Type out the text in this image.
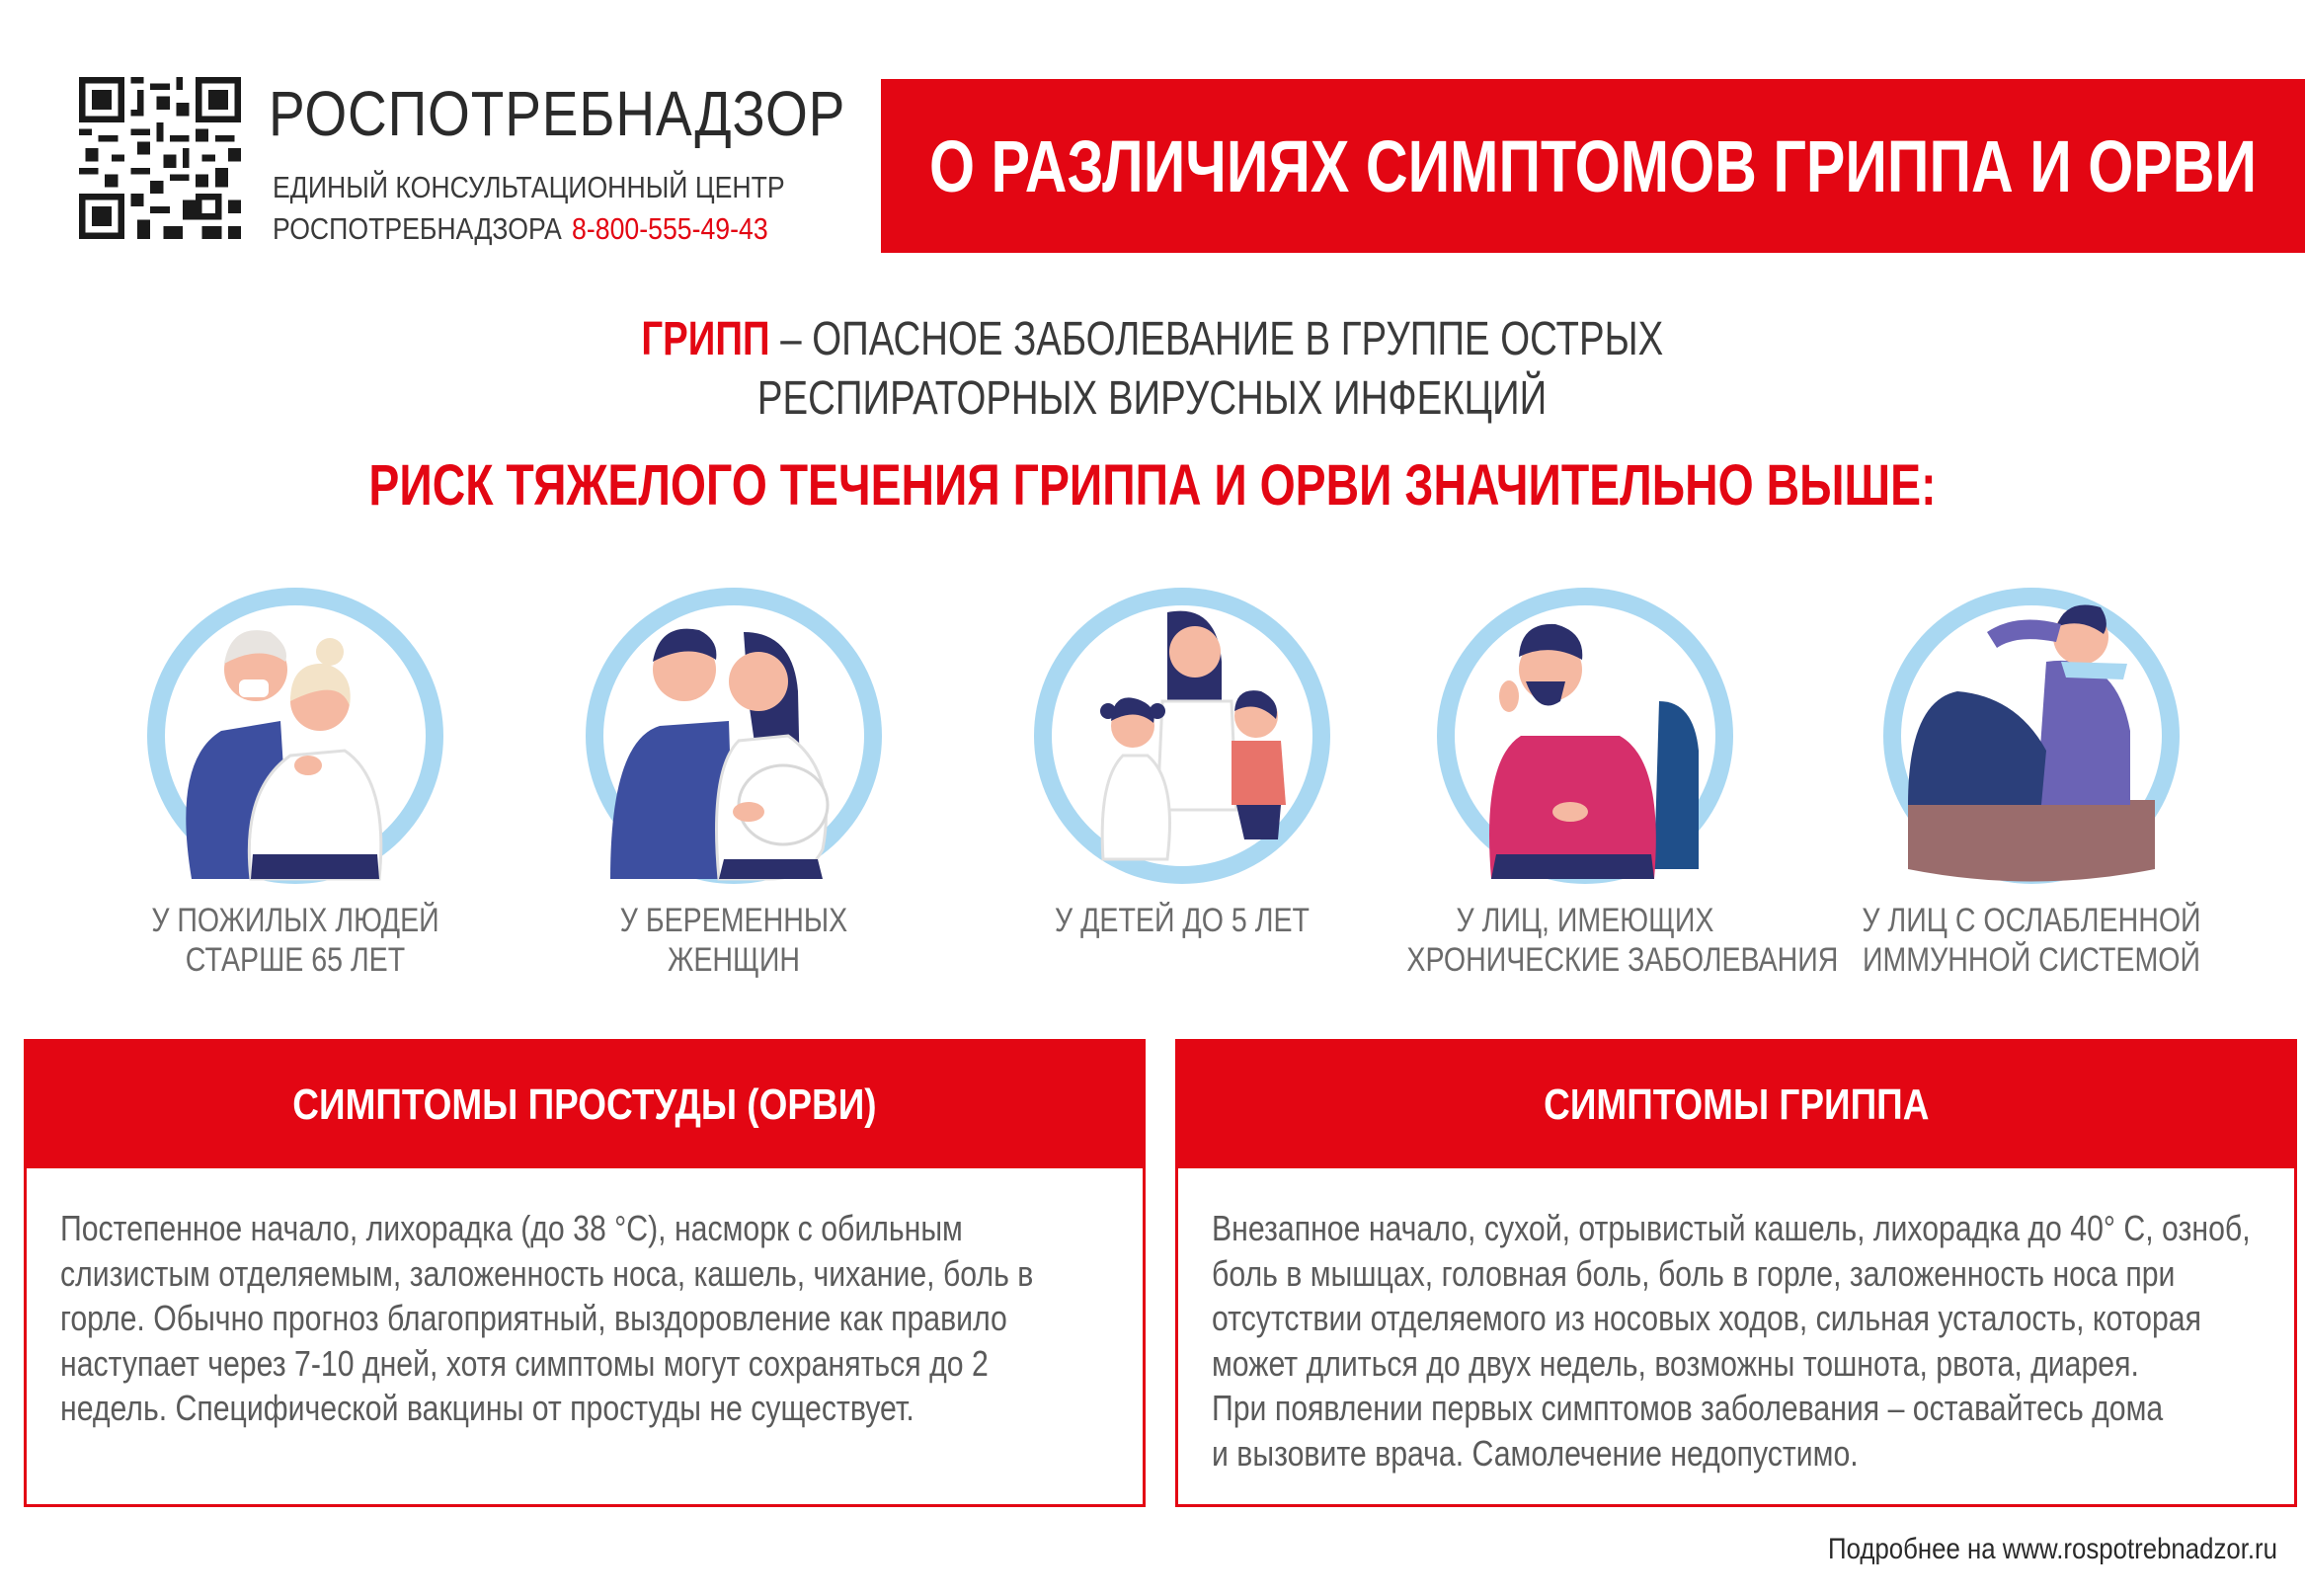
РОСПОТРЕБНАДЗОР
ЕДИНЫЙ КОНСУЛЬТАЦИОННЫЙ ЦЕНТР
РОСПОТРЕБНАДЗОРА 8-800-555-49-43
О РАЗЛИЧИЯХ СИМПТОМОВ ГРИППА И ОРВИ
ГРИПП – ОПАСНОЕ ЗАБОЛЕВАНИЕ В ГРУППЕ ОСТРЫХ
РЕСПИРАТОРНЫХ ВИРУСНЫХ ИНФЕКЦИЙ
РИСК ТЯЖЕЛОГО ТЕЧЕНИЯ ГРИППА И ОРВИ ЗНАЧИТЕЛЬНО ВЫШЕ:
У ПОЖИЛЫХ ЛЮДЕЙ
СТАРШЕ 65 ЛЕТ
У БЕРЕМЕННЫХ
ЖЕНЩИН
У ДЕТЕЙ ДО 5 ЛЕТ	У ЛИЦ, ИМЕЮЩИХ
ХРОНИЧЕСКИЕ ЗАБОЛЕВАНИЯ
У ЛИЦ С ОСЛАБЛЕННОЙ
ИММУННОЙ СИСТЕМОЙ
СИМПТОМЫ ПРОСТУДЫ (ОРВИ)

Постепенное начало, лихорадка (до 38 °С), насморк с обильным

слизистым отделяемым, заложенность носа, кашель, чихание, боль в

горле. Обычно прогноз благоприятный, выздоровление как правило

наступает через 7-10 дней, хотя симптомы могут сохраняться до 2

недель. Специфической вакцины от простуды не существует.

СИМПТОМЫ ГРИППА

Внезапное начало, сухой, отрывистый кашель, лихорадка до 40° С, озноб,

боль в мышцах, головная боль, боль в горле, заложенность носа при

отсутствии отделяемого из носовых ходов, сильная усталость, которая

может длиться до двух недель, возможны тошнота, рвота, диарея.

При появлении первых симптомов заболевания – оставайтесь дома

и вызовите врача. Самолечение недопустимо.

Подробнее на www.rospotrebnadzor.ru
